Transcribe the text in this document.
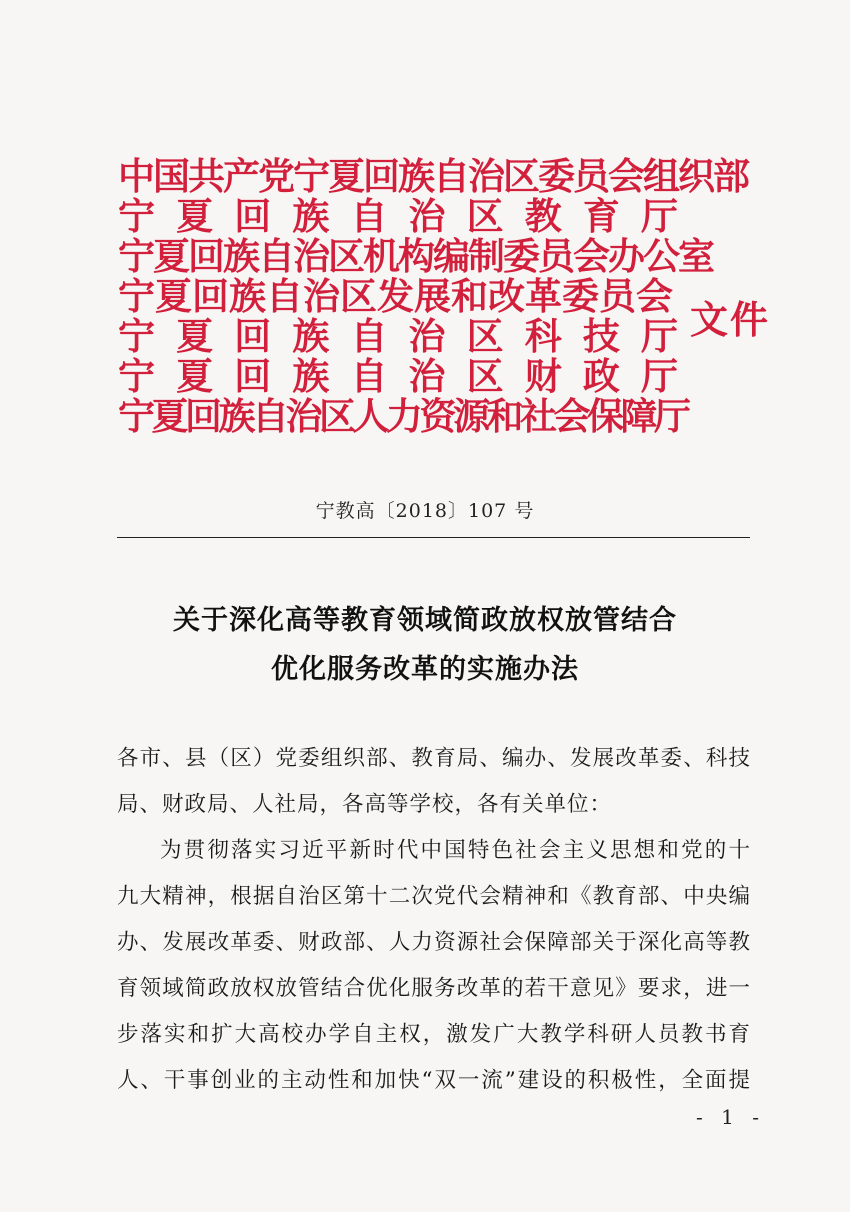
中国共产党宁夏回族自治区委员会组织部
宁 夏 回 族 自 治 区 教 育 厅
宁夏回族自治区机构编制委员会办公室
宁夏回族自治区发展和改革委员会
宁 夏 回 族 自 治 区 科 技 厅
宁 夏 回 族 自 治 区 财 政 厅
宁夏回族自治区人力资源和社会保障厅
文件
宁教高〔2018〕107 号
关于深化高等教育领域简政放权放管结合
优化服务改革的实施办法
各市、县（区）党委组织部、教育局、编办、发展改革委、科技
局、财政局、人社局，各高等学校，各有关单位：
为贯彻落实习近平新时代中国特色社会主义思想和党的十
九大精神，根据自治区第十二次党代会精神和《教育部、中央编
办、发展改革委、财政部、人力资源社会保障部关于深化高等教
育领域简政放权放管结合优化服务改革的若干意见》要求，进一
步落实和扩大高校办学自主权，激发广大教学科研人员教书育
人、干事创业的主动性和加快“双一流”建设的积极性，全面提
- 1 -
